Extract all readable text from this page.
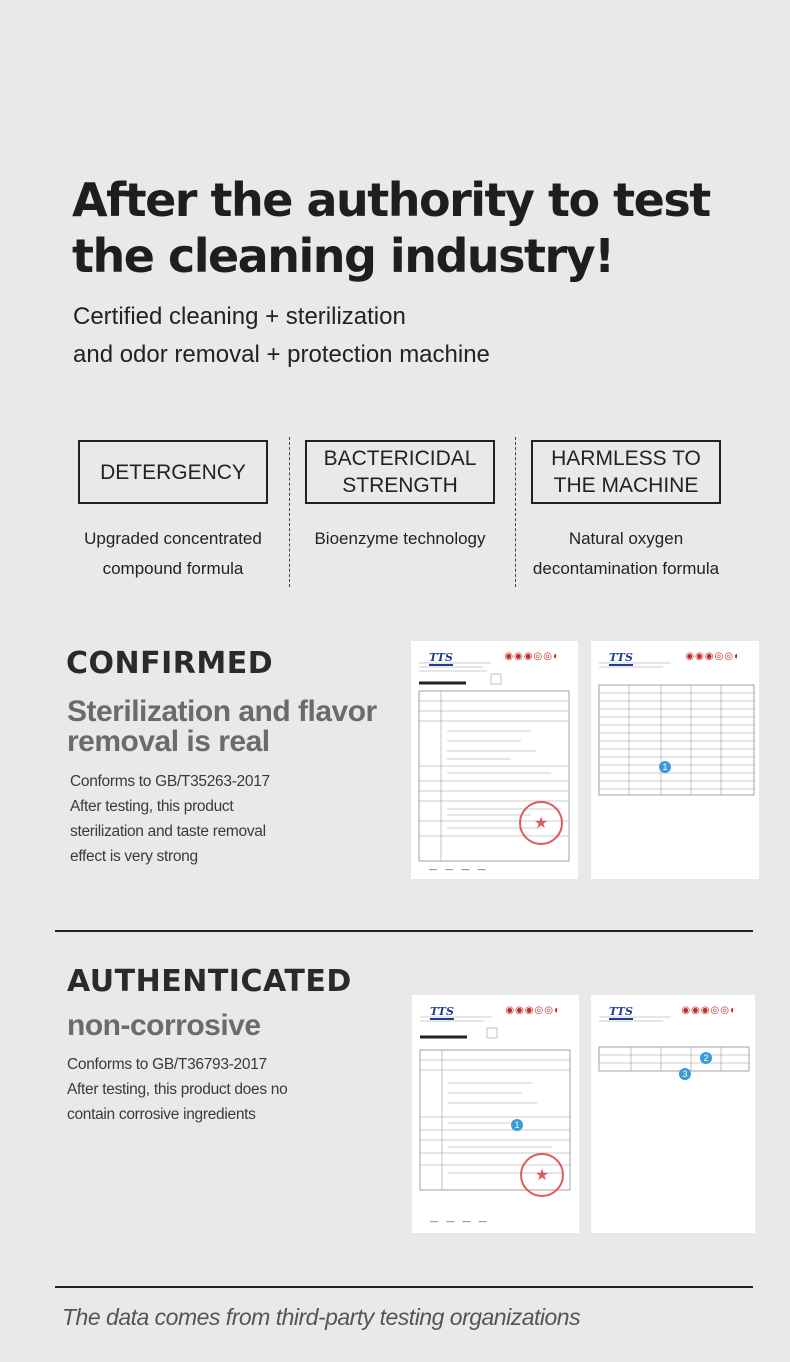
After the authority to test
the cleaning industry!
Certified cleaning + sterilization
and odor removal + protection machine
DETERGENCY
Upgraded concentrated
compound formula
BACTERICIDAL
STRENGTH
Bioenzyme technology
HARMLESS TO
THE MACHINE
Natural oxygen
decontamination formula
CONFIRMED
Sterilization and flavor
removal is real
Conforms to GB/T35263-2017
After testing, this product
sterilization and taste removal
effect is very strong
TTS	◉◉◉◎◎◐
★
— — — —
TTS	◉◉◉◎◎◐
1
AUTHENTICATED
non-corrosive
Conforms to GB/T36793-2017
After testing, this product does no
contain corrosive ingredients
TTS	◉◉◉◎◎◐
1
★
— — — —
TTS	◉◉◉◎◎◐
2
3
The data comes from third-party testing organizations
